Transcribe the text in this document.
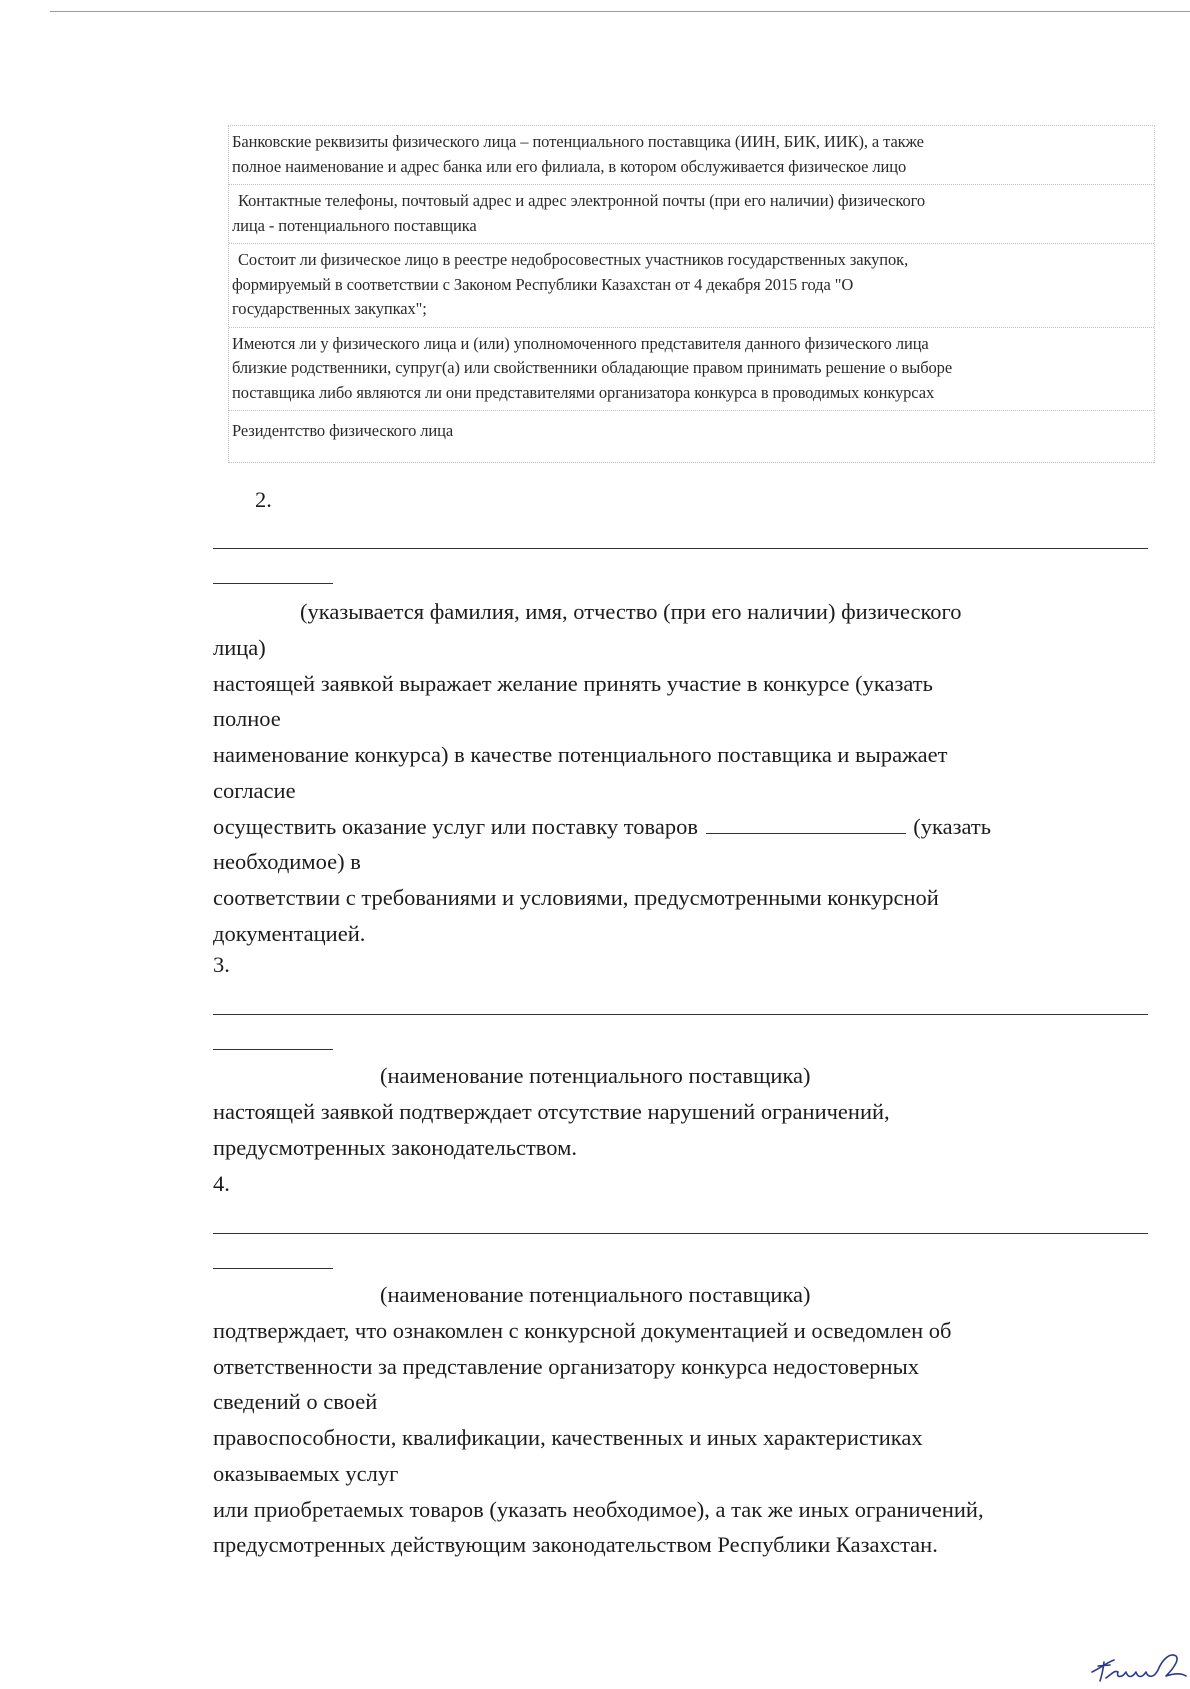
Банковские реквизиты физического лица – потенциального поставщика (ИИН, БИК, ИИК), а также
полное наименование и адрес банка или его филиала, в котором обслуживается физическое лицо
Контактные телефоны, почтовый адрес и адрес электронной почты (при его наличии) физического
лица - потенциального поставщика
Состоит ли физическое лицо в реестре недобросовестных участников государственных закупок,
формируемый в соответствии с Законом Республики Казахстан от 4 декабря 2015 года "О
государственных закупках";
Имеются ли у физического лица и (или) уполномоченного представителя данного физического лица
близкие родственники, супруг(а) или свойственники обладающие правом принимать решение о выборе
поставщика либо являются ли они представителями организатора конкурса в проводимых конкурсах
Резидентство физического лица
2.
(указывается фамилия, имя, отчество (при его наличии) физического
лица)
настоящей заявкой выражает желание принять участие в конкурсе (указать
полное
наименование конкурса) в качестве потенциального поставщика и выражает
согласие
осуществить оказание услуг или поставку товаров	(указать
необходимое) в
соответствии с требованиями и условиями, предусмотренными конкурсной
документацией.
3.
(наименование потенциального поставщика)
настоящей заявкой подтверждает отсутствие нарушений ограничений,
предусмотренных законодательством.
4.
(наименование потенциального поставщика)
подтверждает, что ознакомлен с конкурсной документацией и осведомлен об
ответственности за представление организатору конкурса недостоверных
сведений о своей
правоспособности, квалификации, качественных и иных характеристиках
оказываемых услуг
или приобретаемых товаров (указать необходимое), а так же иных ограничений,
предусмотренных действующим законодательством Республики Казахстан.
